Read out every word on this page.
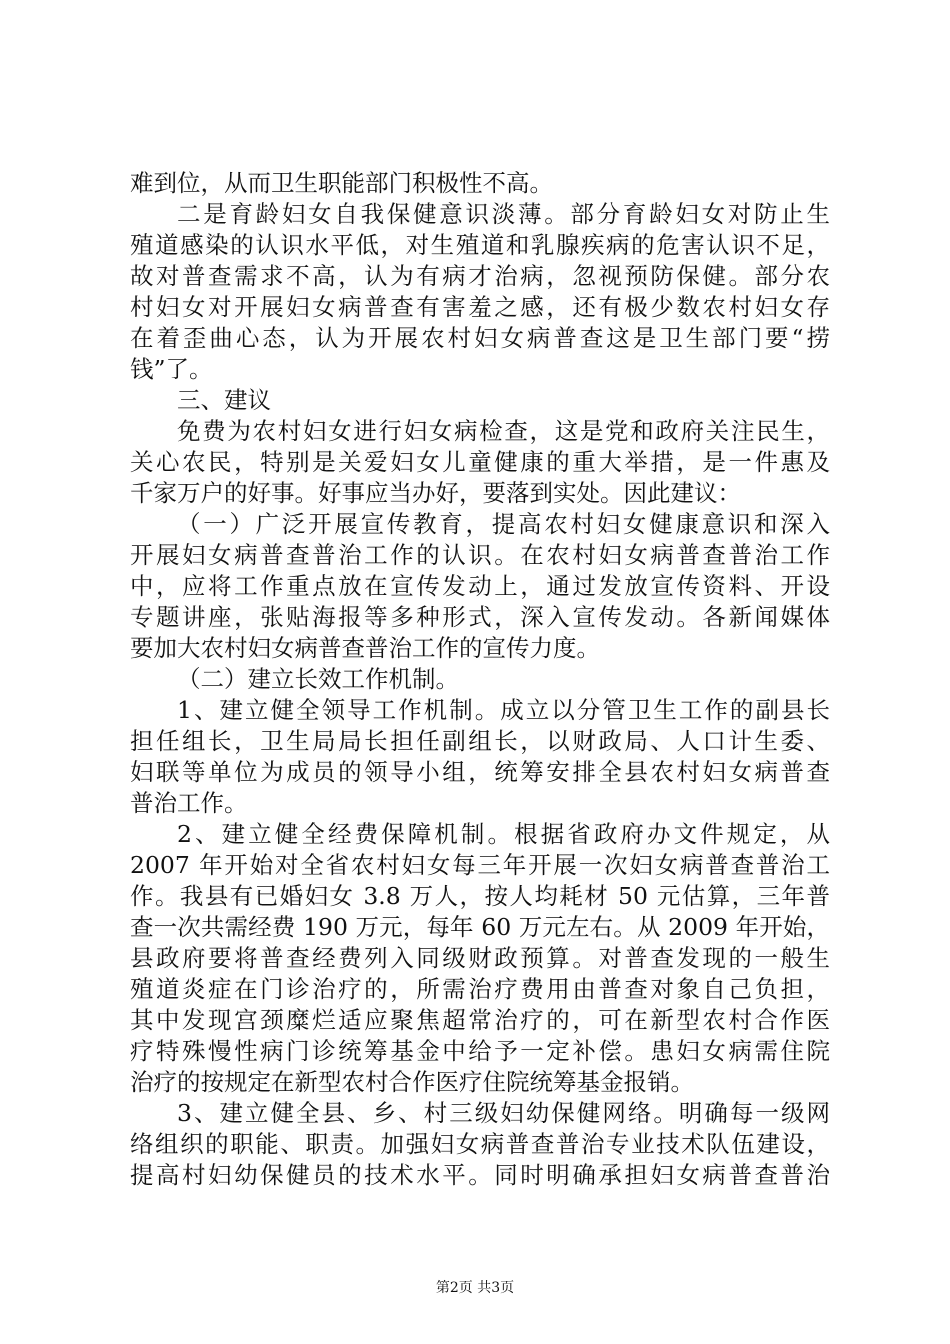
难到位，从而卫生职能部门积极性不高。
二是育龄妇女自我保健意识淡薄。部分育龄妇女对防止生
殖道感染的认识水平低，对生殖道和乳腺疾病的危害认识不足，
故对普查需求不高，认为有病才治病，忽视预防保健。部分农
村妇女对开展妇女病普查有害羞之感，还有极少数农村妇女存
在着歪曲心态，认为开展农村妇女病普查这是卫生部门要“捞
钱”了。
三、建议
免费为农村妇女进行妇女病检查，这是党和政府关注民生，
关心农民，特别是关爱妇女儿童健康的重大举措，是一件惠及
千家万户的好事。好事应当办好，要落到实处。因此建议：
（一）广泛开展宣传教育，提高农村妇女健康意识和深入
开展妇女病普查普治工作的认识。在农村妇女病普查普治工作
中，应将工作重点放在宣传发动上，通过发放宣传资料、开设
专题讲座，张贴海报等多种形式，深入宣传发动。各新闻媒体
要加大农村妇女病普查普治工作的宣传力度。
（二）建立长效工作机制。
1、建立健全领导工作机制。成立以分管卫生工作的副县长
担任组长，卫生局局长担任副组长，以财政局、人口计生委、
妇联等单位为成员的领导小组，统筹安排全县农村妇女病普查
普治工作。
2、建立健全经费保障机制。根据省政府办文件规定，从
2007 年开始对全省农村妇女每三年开展一次妇女病普查普治工
作。我县有已婚妇女 3.8 万人，按人均耗材 50 元估算，三年普
查一次共需经费 190 万元，每年 60 万元左右。从 2009 年开始，
县政府要将普查经费列入同级财政预算。对普查发现的一般生
殖道炎症在门诊治疗的，所需治疗费用由普查对象自己负担，
其中发现宫颈糜烂适应聚焦超常治疗的，可在新型农村合作医
疗特殊慢性病门诊统筹基金中给予一定补偿。患妇女病需住院
治疗的按规定在新型农村合作医疗住院统筹基金报销。
3、建立健全县、乡、村三级妇幼保健网络。明确每一级网
络组织的职能、职责。加强妇女病普查普治专业技术队伍建设，
提高村妇幼保健员的技术水平。同时明确承担妇女病普查普治
第2页 共3页
